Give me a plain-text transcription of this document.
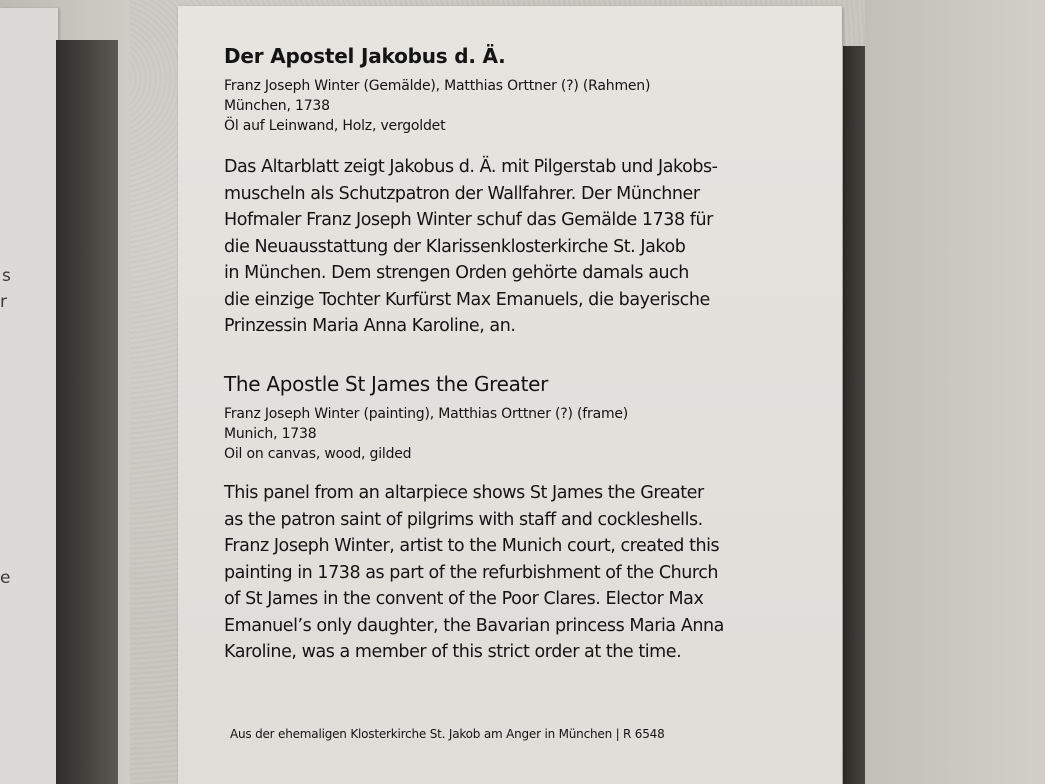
s
r
e
Der Apostel Jakobus d. Ä.
Franz Joseph Winter (Gemälde), Matthias Orttner (?) (Rahmen)
München, 1738
Öl auf Leinwand, Holz, vergoldet
Das Altarblatt zeigt Jakobus d. Ä. mit Pilgerstab und Jakobs-
muscheln als Schutzpatron der Wallfahrer. Der Münchner
Hofmaler Franz Joseph Winter schuf das Gemälde 1738 für
die Neuausstattung der Klarissenklosterkirche St. Jakob
in München. Dem strengen Orden gehörte damals auch
die einzige Tochter Kurfürst Max Emanuels, die bayerische
Prinzessin Maria Anna Karoline, an.
The Apostle St James the Greater
Franz Joseph Winter (painting), Matthias Orttner (?) (frame)
Munich, 1738
Oil on canvas, wood, gilded
This panel from an altarpiece shows St James the Greater
as the patron saint of pilgrims with staff and cockleshells.
Franz Joseph Winter, artist to the Munich court, created this
painting in 1738 as part of the refurbishment of the Church
of St James in the convent of the Poor Clares. Elector Max
Emanuel’s only daughter, the Bavarian princess Maria Anna
Karoline, was a member of this strict order at the time.
Aus der ehemaligen Klosterkirche St. Jakob am Anger in München | R 6548
